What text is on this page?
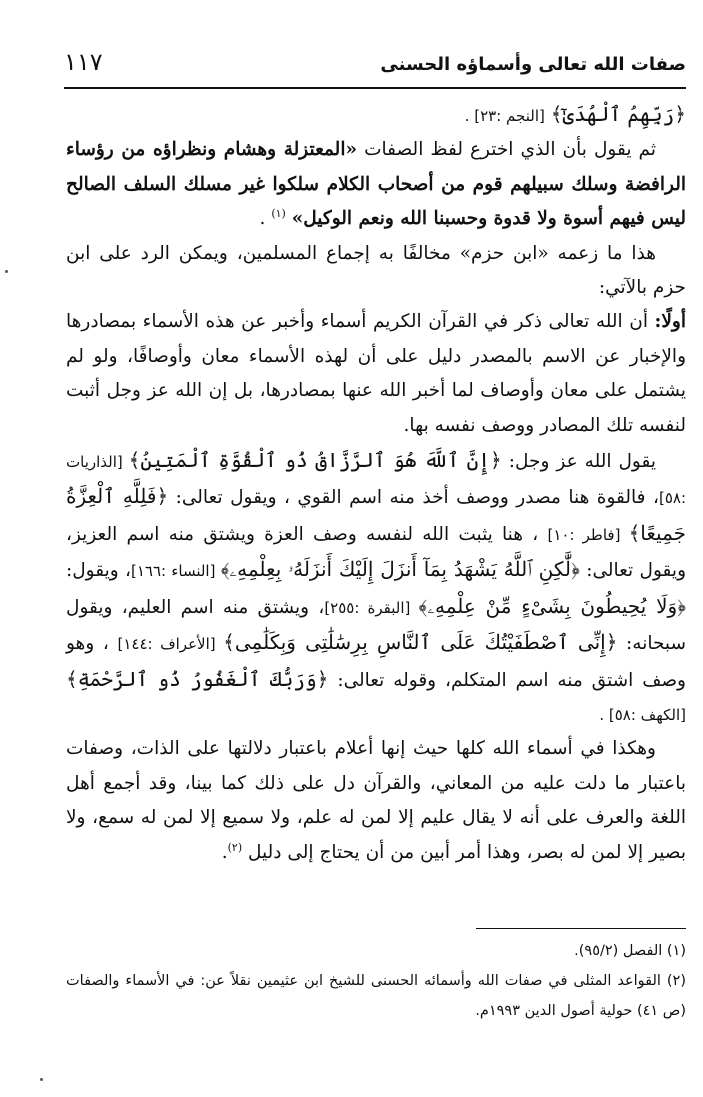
صفات الله تعالى وأسماؤه الحسنى
١١٧

﴿رَبِّهِمُ ٱلْهُدَىٰٓ﴾ [النجم :٢٣] .

ثم يقول بأن الذي اخترع لفظ الصفات «المعتزلة وهشام ونظراؤه من رؤساء الرافضة وسلك سبيلهم قوم من أصحاب الكلام سلكوا غير مسلك السلف الصالح ليس فيهم أسوة ولا قدوة وحسبنا الله ونعم الوكيل» $^{(١)}$ .

هذا ما زعمه «ابن حزم» مخالفًا به إجماع المسلمين، ويمكن الرد على ابن حزم بالآتي:

أولًا: أن الله تعالى ذكر في القرآن الكريم أسماء وأخبر عن هذه الأسماء بمصادرها والإخبار عن الاسم بالمصدر دليل على أن لهذه الأسماء معان وأوصافًا، ولو لم يشتمل على معان وأوصاف لما أخبر الله عنها بمصادرها، بل إن الله عز وجل أثبت لنفسه تلك المصادر ووصف نفسه بها.

يقول الله عز وجل: ﴿إِنَّ ٱللَّهَ هُوَ ٱلرَّزَّاقُ ذُو ٱلْقُوَّةِ ٱلْمَتِينُ﴾ [الذاريات :٥٨]، فالقوة هنا مصدر ووصف أخذ منه اسم القوي ، ويقول تعالى: ﴿فَلِلَّهِ ٱلْعِزَّةُ جَمِيعًا﴾ [فاطر :١٠] ، هنا يثبت الله لنفسه وصف العزة ويشتق منه اسم العزيز، ويقول تعالى: ﴿لَّٰكِنِ ٱللَّهُ يَشْهَدُ بِمَآ أَنزَلَ إِلَيْكَ أَنزَلَهُۥ بِعِلْمِهِۦ﴾ [النساء :١٦٦]، ويقول: ﴿وَلَا يُحِيطُونَ بِشَىْءٍ مِّنْ عِلْمِهِۦ﴾ [البقرة :٢٥٥]، ويشتق منه اسم العليم، ويقول سبحانه: ﴿إِنِّى ٱصْطَفَيْتُكَ عَلَى ٱلنَّاسِ بِرِسَٰلَٰتِى وَبِكَلَٰمِى﴾ [الأعراف :١٤٤] ، وهو وصف اشتق منه اسم المتكلم، وقوله تعالى: ﴿وَرَبُّكَ ٱلْغَفُورُ ذُو ٱلرَّحْمَةِ﴾ [الكهف :٥٨] .

وهكذا في أسماء الله كلها حيث إنها أعلام باعتبار دلالتها على الذات، وصفات باعتبار ما دلت عليه من المعاني، والقرآن دل على ذلك كما بينا، وقد أجمع أهل اللغة والعرف على أنه لا يقال عليم إلا لمن له علم، ولا سميع إلا لمن له سمع، ولا بصير إلا لمن له بصر، وهذا أمر أبين من أن يحتاج إلى دليل $^{(٢)}$.

(١) الفصل (٩٥/٢).

(٢) القواعد المثلى في صفات الله وأسمائه الحسنى للشيخ ابن عثيمين نقلاً عن: في الأسماء والصفات (ص ٤١) حولية أصول الدين ١٩٩٣م.
